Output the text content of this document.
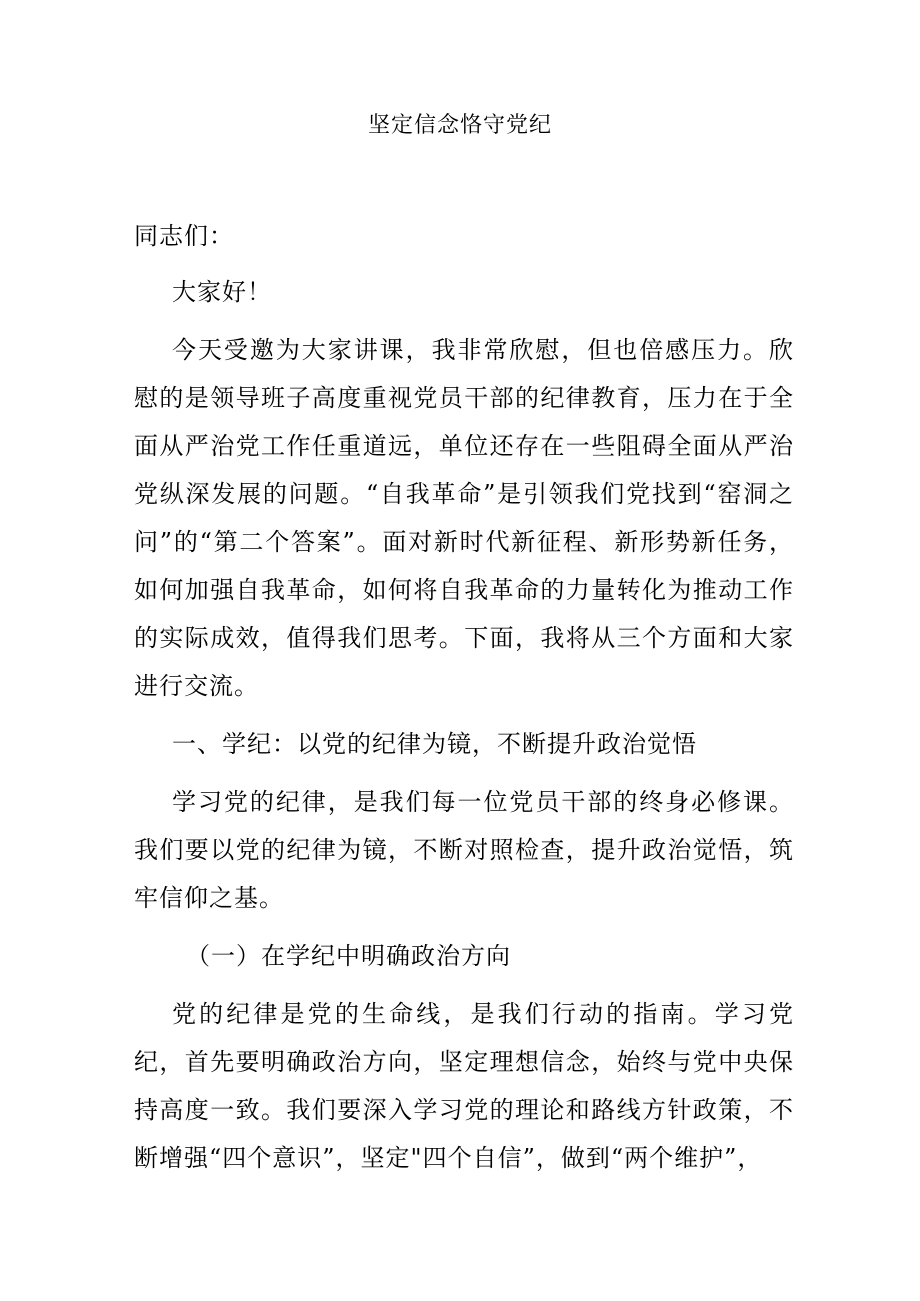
坚定信念恪守党纪

同志们：

大家好！

今天受邀为大家讲课，我非常欣慰，但也倍感压力。欣慰的是领导班子高度重视党员干部的纪律教育，压力在于全面从严治党工作任重道远，单位还存在一些阻碍全面从严治党纵深发展的问题。“自我革命”是引领我们党找到“窑洞之问”的“第二个答案”。面对新时代新征程、新形势新任务，如何加强自我革命，如何将自我革命的力量转化为推动工作的实际成效，值得我们思考。下面，我将从三个方面和大家进行交流。

一、学纪：以党的纪律为镜，不断提升政治觉悟

学习党的纪律，是我们每一位党员干部的终身必修课。我们要以党的纪律为镜，不断对照检查，提升政治觉悟，筑牢信仰之基。

（一）在学纪中明确政治方向

党的纪律是党的生命线，是我们行动的指南。学习党纪，首先要明确政治方向，坚定理想信念，始终与党中央保持高度一致。我们要深入学习党的理论和路线方针政策，不断增强“四个意识”，坚定"四个自信”，做到“两个维护”，
